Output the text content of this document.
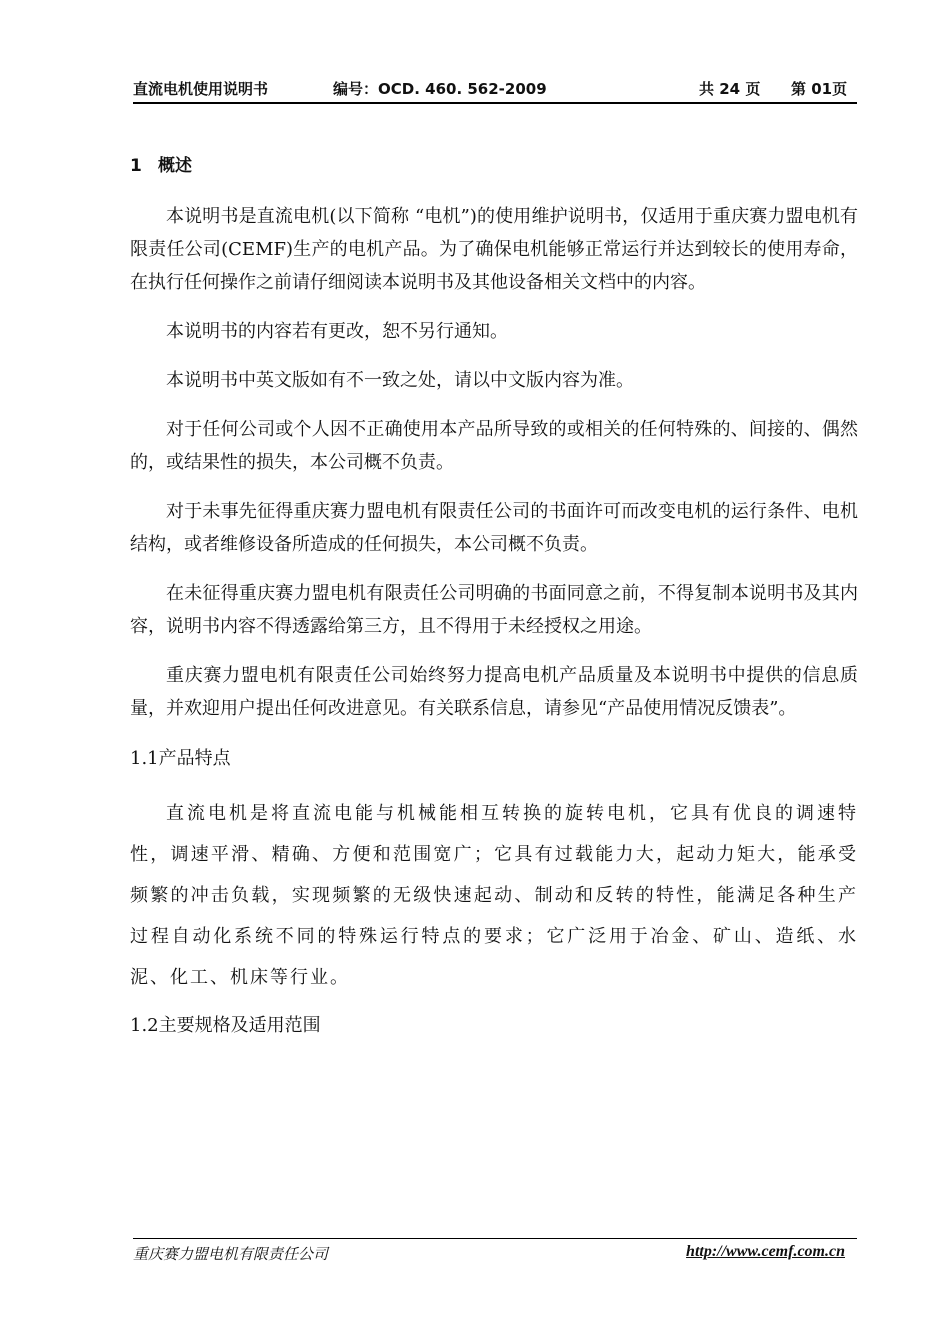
直流电机使用说明书	编号：OCD. 460. 562-2009	共 24 页 第 01页
1 概述

本说明书是直流电机(以下简称 “电机”)的使用维护说明书，仅适用于重庆赛力盟电机有限责任公司(CEMF)生产的电机产品。为了确保电机能够正常运行并达到较长的使用寿命，在执行任何操作之前请仔细阅读本说明书及其他设备相关文档中的内容。

本说明书的内容若有更改，恕不另行通知。

本说明书中英文版如有不一致之处，请以中文版内容为准。

对于任何公司或个人因不正确使用本产品所导致的或相关的任何特殊的、间接的、偶然的，或结果性的损失，本公司概不负责。

对于未事先征得重庆赛力盟电机有限责任公司的书面许可而改变电机的运行条件、电机结构，或者维修设备所造成的任何损失，本公司概不负责。

在未征得重庆赛力盟电机有限责任公司明确的书面同意之前，不得复制本说明书及其内容，说明书内容不得透露给第三方，且不得用于未经授权之用途。

重庆赛力盟电机有限责任公司始终努力提高电机产品质量及本说明书中提供的信息质量，并欢迎用户提出任何改进意见。有关联系信息，请参见“产品使用情况反馈表”。

1.1产品特点

直流电机是将直流电能与机械能相互转换的旋转电机，它具有优良的调速特性，调速平滑、精确、方便和范围宽广；它具有过载能力大，起动力矩大，能承受频繁的冲击负载，实现频繁的无级快速起动、制动和反转的特性，能满足各种生产过程自动化系统不同的特殊运行特点的要求；它广泛用于冶金、矿山、造纸、水泥、化工、机床等行业。

1.2主要规格及适用范围
重庆赛力盟电机有限责任公司	http://www.cemf.com.cn
